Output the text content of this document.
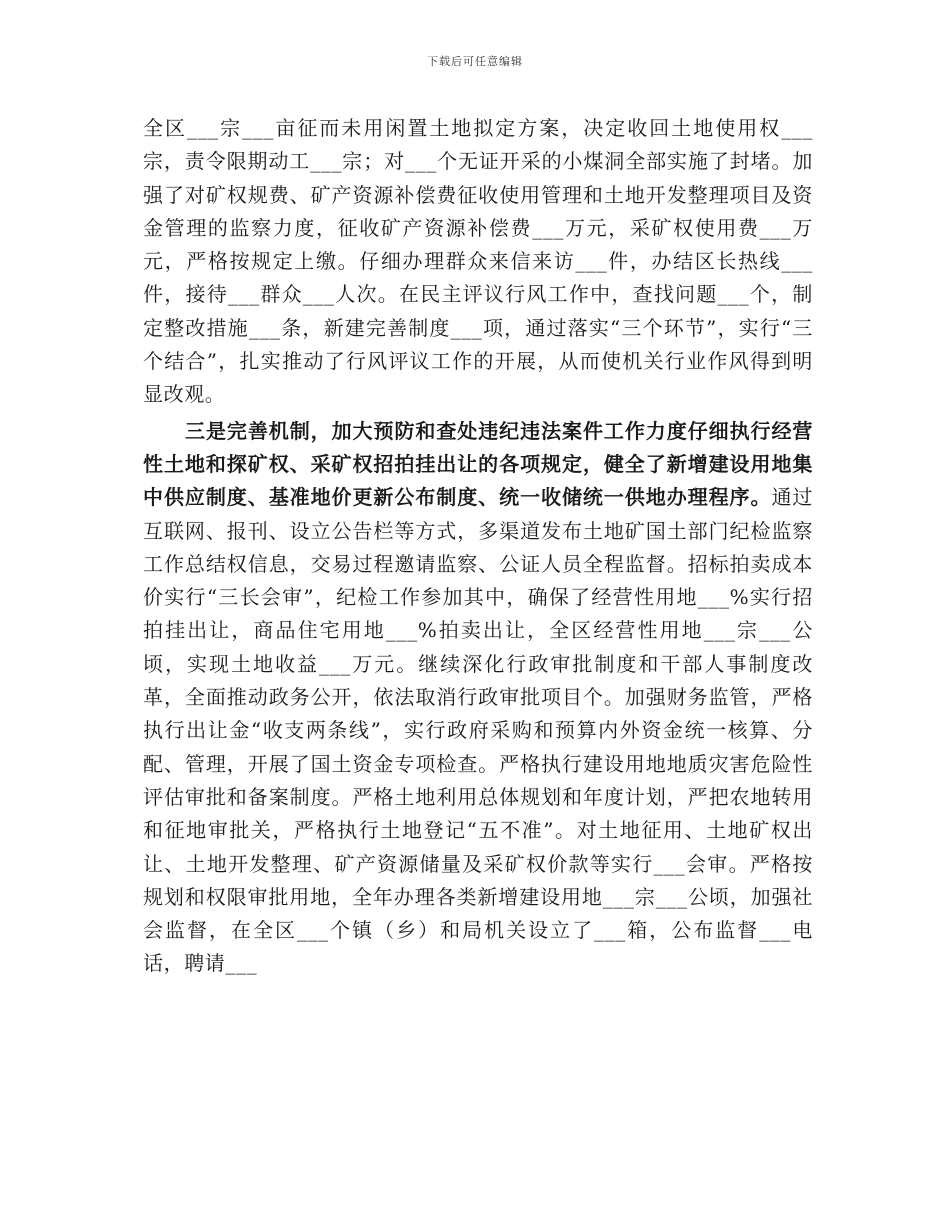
下载后可任意编辑

全区___宗___亩征而未用闲置土地拟定方案，决定收回土地使用权___宗，责令限期动工___宗；对___个无证开采的小煤洞全部实施了封堵。加强了对矿权规费、矿产资源补偿费征收使用管理和土地开发整理项目及资金管理的监察力度，征收矿产资源补偿费___万元，采矿权使用费___万元，严格按规定上缴。仔细办理群众来信来访___件，办结区长热线___件，接待___群众___人次。在民主评议行风工作中，查找问题___个，制定整改措施___条，新建完善制度___项，通过落实“三个环节”，实行“三个结合”，扎实推动了行风评议工作的开展，从而使机关行业作风得到明显改观。

三是完善机制，加大预防和查处违纪违法案件工作力度仔细执行经营性土地和探矿权、采矿权招拍挂出让的各项规定，健全了新增建设用地集中供应制度、基准地价更新公布制度、统一收储统一供地办理程序。通过互联网、报刊、设立公告栏等方式，多渠道发布土地矿国土部门纪检监察工作总结权信息，交易过程邀请监察、公证人员全程监督。招标拍卖成本价实行“三长会审”，纪检工作参加其中，确保了经营性用地___%实行招拍挂出让，商品住宅用地___%拍卖出让，全区经营性用地___宗___公顷，实现土地收益___万元。继续深化行政审批制度和干部人事制度改革，全面推动政务公开，依法取消行政审批项目个。加强财务监管，严格执行出让金“收支两条线”，实行政府采购和预算内外资金统一核算、分配、管理，开展了国土资金专项检查。严格执行建设用地地质灾害危险性评估审批和备案制度。严格土地利用总体规划和年度计划，严把农地转用和征地审批关，严格执行土地登记“五不准”。对土地征用、土地矿权出让、土地开发整理、矿产资源储量及采矿权价款等实行___会审。严格按规划和权限审批用地，全年办理各类新增建设用地___宗___公顷，加强社会监督，在全区___个镇（乡）和局机关设立了___箱，公布监督___电话，聘请___
